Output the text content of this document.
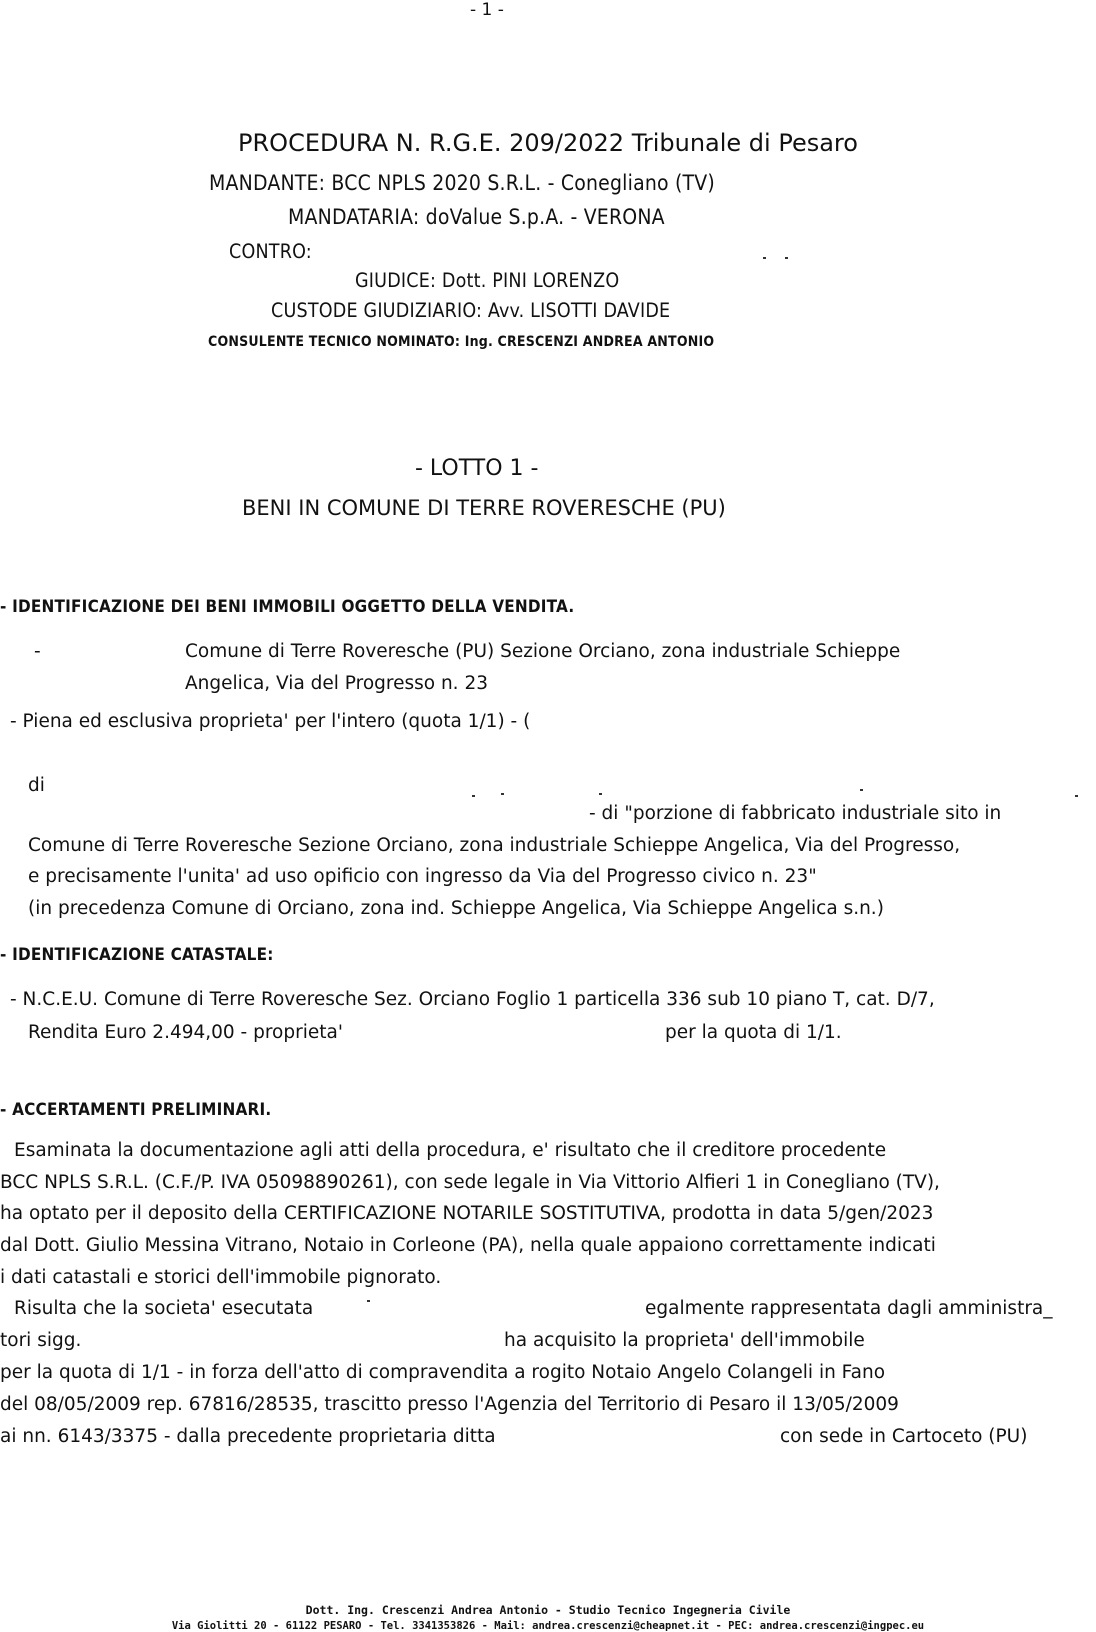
- 1 -
PROCEDURA N. R.G.E. 209/2022 Tribunale di Pesaro
MANDANTE: BCC NPLS 2020 S.R.L. - Conegliano (TV)
MANDATARIA: doValue S.p.A. - VERONA
CONTRO:
GIUDICE: Dott. PINI LORENZO
CUSTODE GIUDIZIARIO: Avv. LISOTTI DAVIDE
CONSULENTE TECNICO NOMINATO: Ing. CRESCENZI ANDREA ANTONIO
- LOTTO 1 -
BENI IN COMUNE DI TERRE ROVERESCHE (PU)
- IDENTIFICAZIONE DEI BENI IMMOBILI OGGETTO DELLA VENDITA.
-	Comune di Terre Roveresche (PU) Sezione Orciano, zona industriale Schieppe
Angelica, Via del Progresso n. 23
- Piena ed esclusiva proprieta' per l'intero (quota 1/1) - (
di
- di "porzione di fabbricato industriale sito in
Comune di Terre Roveresche Sezione Orciano, zona industriale Schieppe Angelica, Via del Progresso,
e precisamente l'unita' ad uso opificio con ingresso da Via del Progresso civico n. 23"
(in precedenza Comune di Orciano, zona ind. Schieppe Angelica, Via Schieppe Angelica s.n.)
- IDENTIFICAZIONE CATASTALE:
- N.C.E.U. Comune di Terre Roveresche Sez. Orciano Foglio 1 particella 336 sub 10 piano T, cat. D/7,
Rendita Euro 2.494,00 - proprieta'	per la quota di 1/1.
- ACCERTAMENTI PRELIMINARI.
Esaminata la documentazione agli atti della procedura, e' risultato che il creditore procedente
BCC NPLS S.R.L. (C.F./P. IVA 05098890261), con sede legale in Via Vittorio Alfieri 1 in Conegliano (TV),
ha optato per il deposito della CERTIFICAZIONE NOTARILE SOSTITUTIVA, prodotta in data 5/gen/2023
dal Dott. Giulio Messina Vitrano, Notaio in Corleone (PA), nella quale appaiono correttamente indicati
i dati catastali e storici dell'immobile pignorato.
Risulta che la societa' esecutata	egalmente rappresentata dagli amministra_
tori sigg.	ha acquisito la proprieta' dell'immobile
per la quota di 1/1 - in forza dell'atto di compravendita a rogito Notaio Angelo Colangeli in Fano
del 08/05/2009 rep. 67816/28535, trascitto presso l'Agenzia del Territorio di Pesaro il 13/05/2009
ai nn. 6143/3375 - dalla precedente proprietaria ditta	con sede in Cartoceto (PU)
Dott. Ing. Crescenzi Andrea Antonio - Studio Tecnico Ingegneria Civile
Via Giolitti 20 - 61122 PESARO - Tel. 3341353826 - Mail: andrea.crescenzi@cheapnet.it - PEC: andrea.crescenzi@ingpec.eu
